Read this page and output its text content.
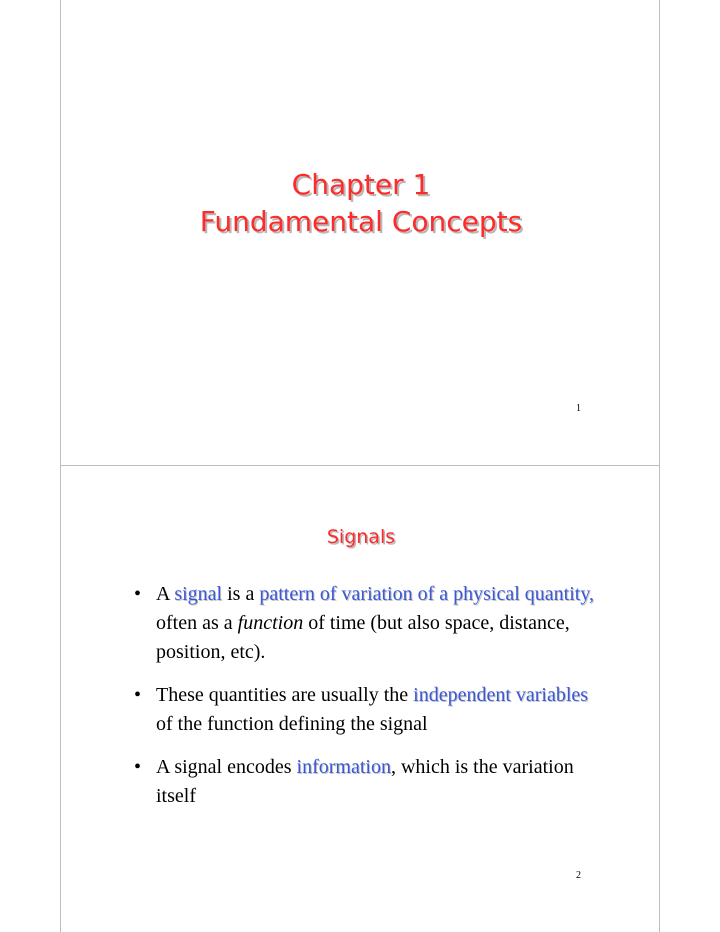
Chapter 1
Fundamental Concepts
1
Signals
• A signal is a pattern of variation of a physical quantity, often as a function of time (but also space, distance, position, etc).
• These quantities are usually the independent variables of the function defining the signal
• A signal encodes information, which is the variation itself
2
